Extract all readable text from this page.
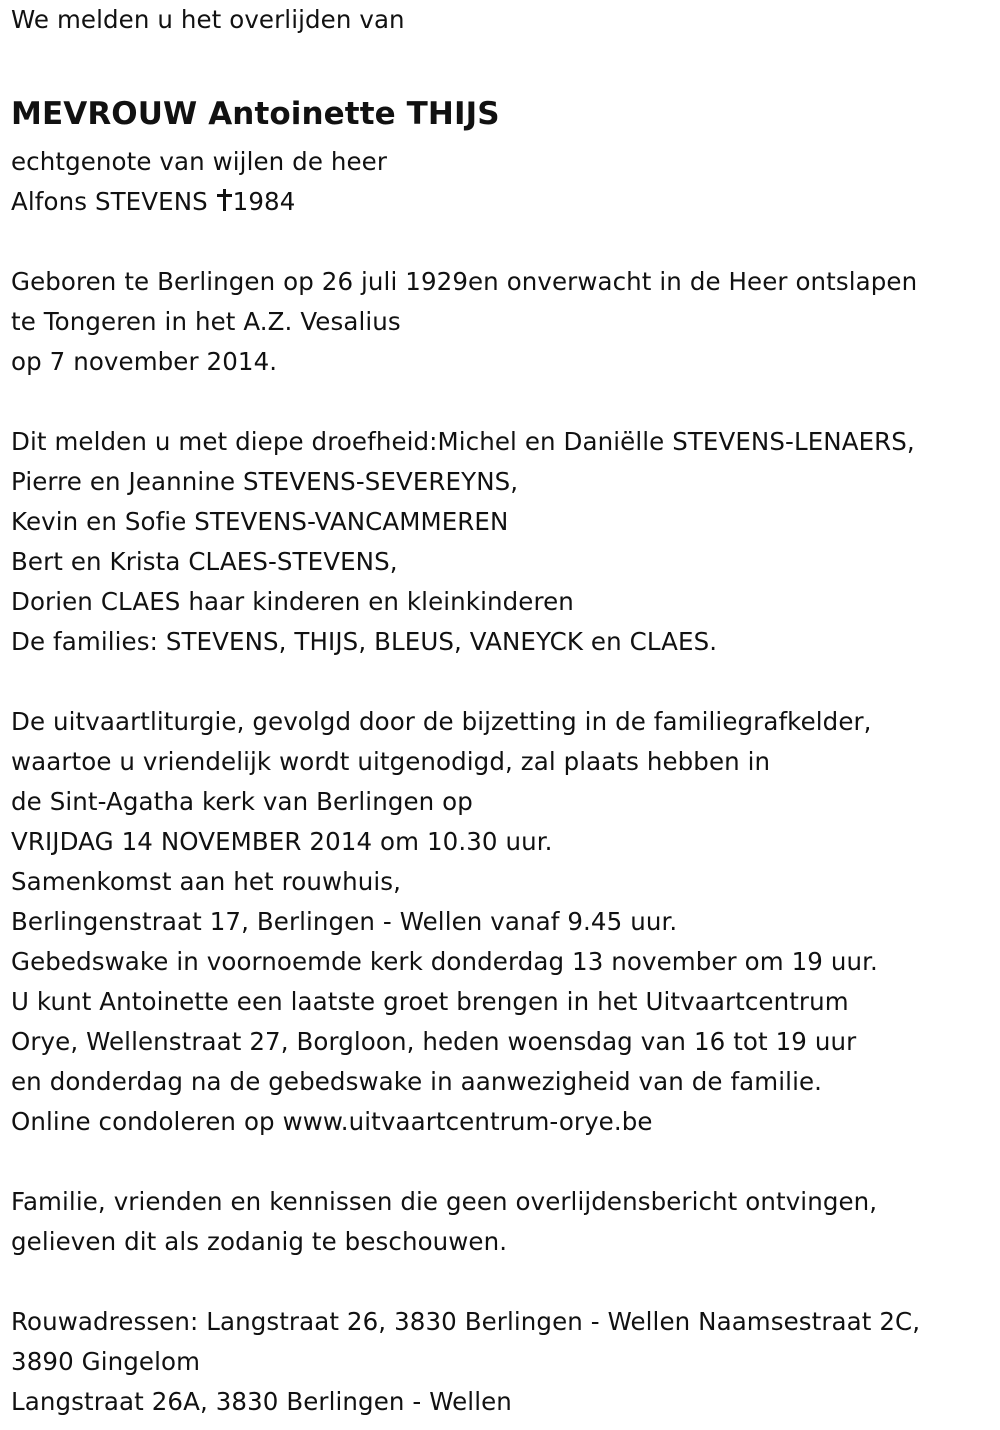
We melden u het overlijden van
MEVROUW Antoinette THIJS
echtgenote van wijlen de heer
Alfons STEVENS 1984
Geboren te Berlingen op 26 juli 1929en onverwacht in de Heer ontslapen
te Tongeren in het A.Z. Vesalius
op 7 november 2014.
Dit melden u met diepe droefheid:Michel en Daniëlle STEVENS-LENAERS,
Pierre en Jeannine STEVENS-SEVEREYNS,
Kevin en Sofie STEVENS-VANCAMMEREN
Bert en Krista CLAES-STEVENS,
Dorien CLAES haar kinderen en kleinkinderen
De families: STEVENS, THIJS, BLEUS, VANEYCK en CLAES.
De uitvaartliturgie, gevolgd door de bijzetting in de familiegrafkelder,
waartoe u vriendelijk wordt uitgenodigd, zal plaats hebben in
de Sint-Agatha kerk van Berlingen op
VRIJDAG 14 NOVEMBER 2014 om 10.30 uur.
Samenkomst aan het rouwhuis,
Berlingenstraat 17, Berlingen - Wellen vanaf 9.45 uur.
Gebedswake in voornoemde kerk donderdag 13 november om 19 uur.
U kunt Antoinette een laatste groet brengen in het Uitvaartcentrum
Orye, Wellenstraat 27, Borgloon, heden woensdag van 16 tot 19 uur
en donderdag na de gebedswake in aanwezigheid van de familie.
Online condoleren op www.uitvaartcentrum-orye.be
Familie, vrienden en kennissen die geen overlijdensbericht ontvingen,
gelieven dit als zodanig te beschouwen.
Rouwadressen: Langstraat 26, 3830 Berlingen - Wellen Naamsestraat 2C,
3890 Gingelom
Langstraat 26A, 3830 Berlingen - Wellen
